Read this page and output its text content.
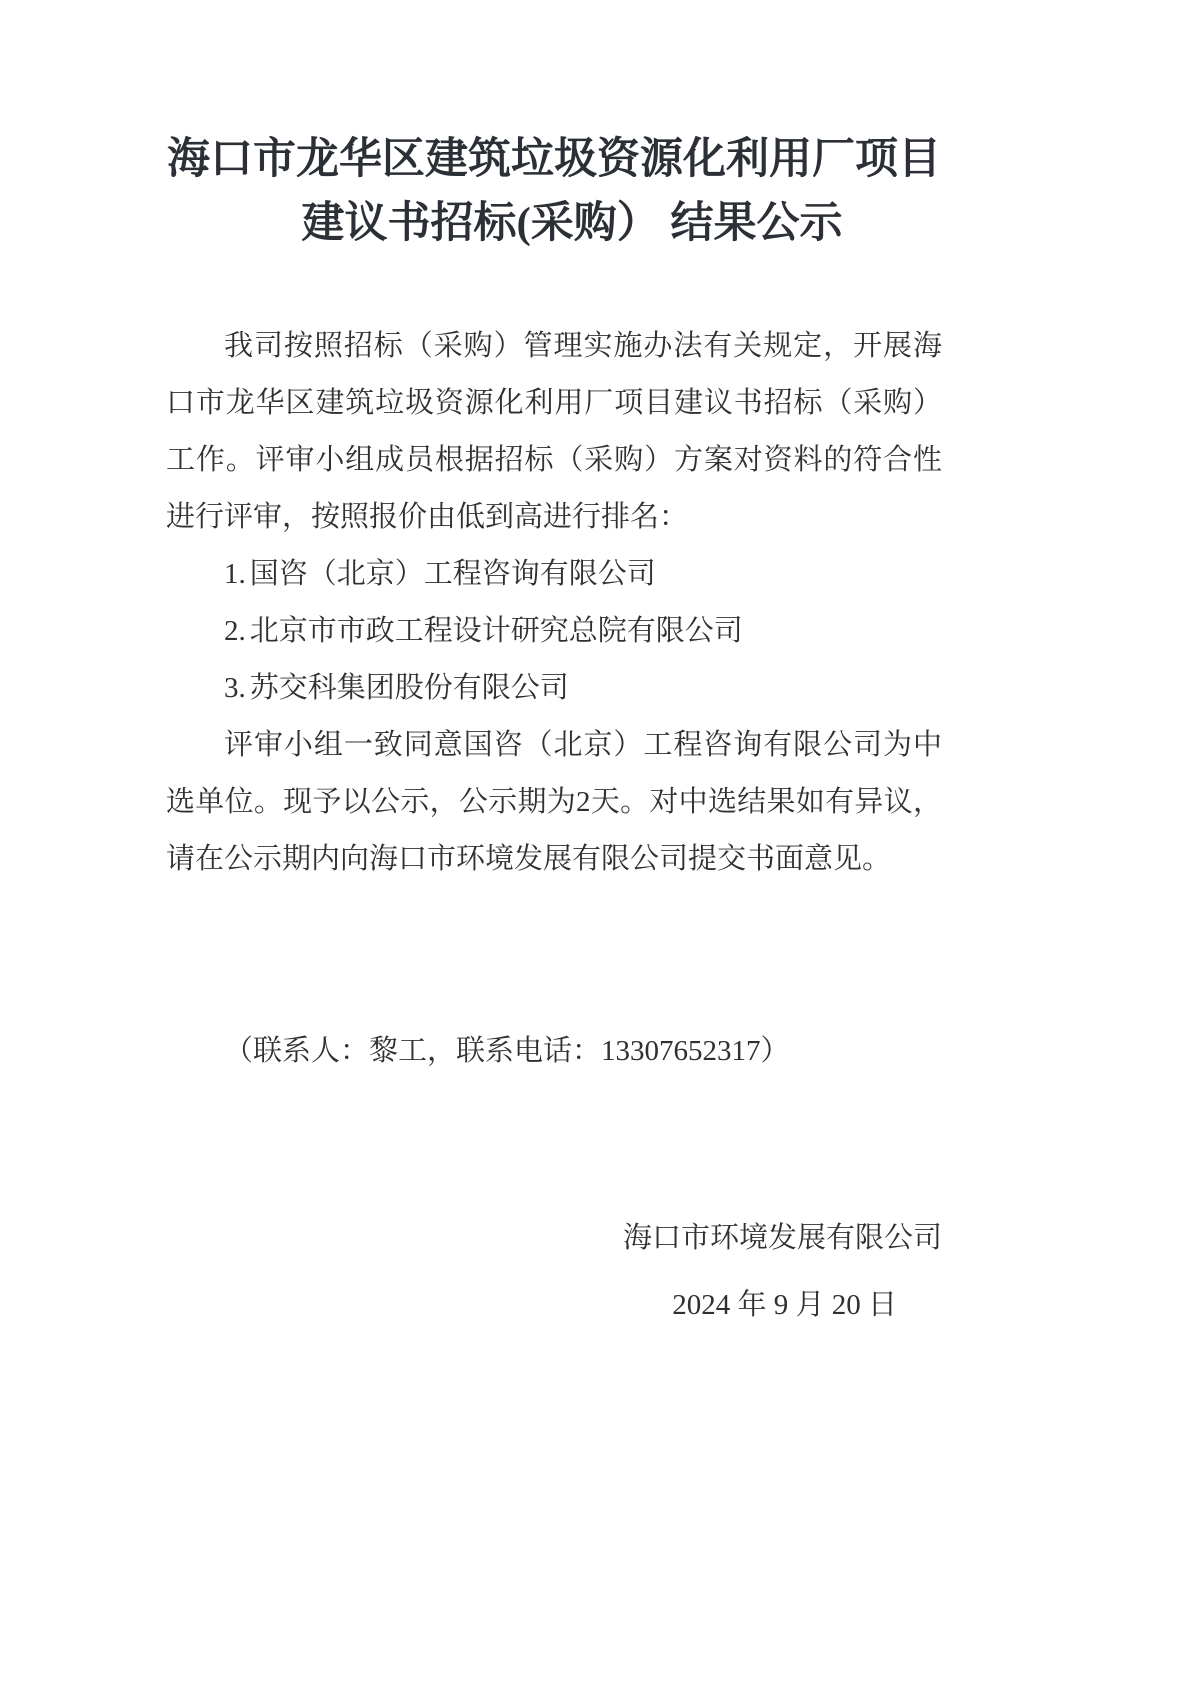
海口市龙华区建筑垃圾资源化利用厂项目
建议书招标(采购） 结果公示

我司按照招标（采购）管理实施办法有关规定，开展海口市龙华区建筑垃圾资源化利用厂项目建议书招标（采购）工作。评审小组成员根据招标（采购）方案对资料的符合性进行评审，按照报价由低到高进行排名：

1. 国咨（北京）工程咨询有限公司
2. 北京市市政工程设计研究总院有限公司
3. 苏交科集团股份有限公司

评审小组一致同意国咨（北京）工程咨询有限公司为中选单位。现予以公示，公示期为2天。对中选结果如有异议，请在公示期内向海口市环境发展有限公司提交书面意见。

（联系人：黎工，联系电话：13307652317）

海口市环境发展有限公司

2024 年 9 月 20 日
